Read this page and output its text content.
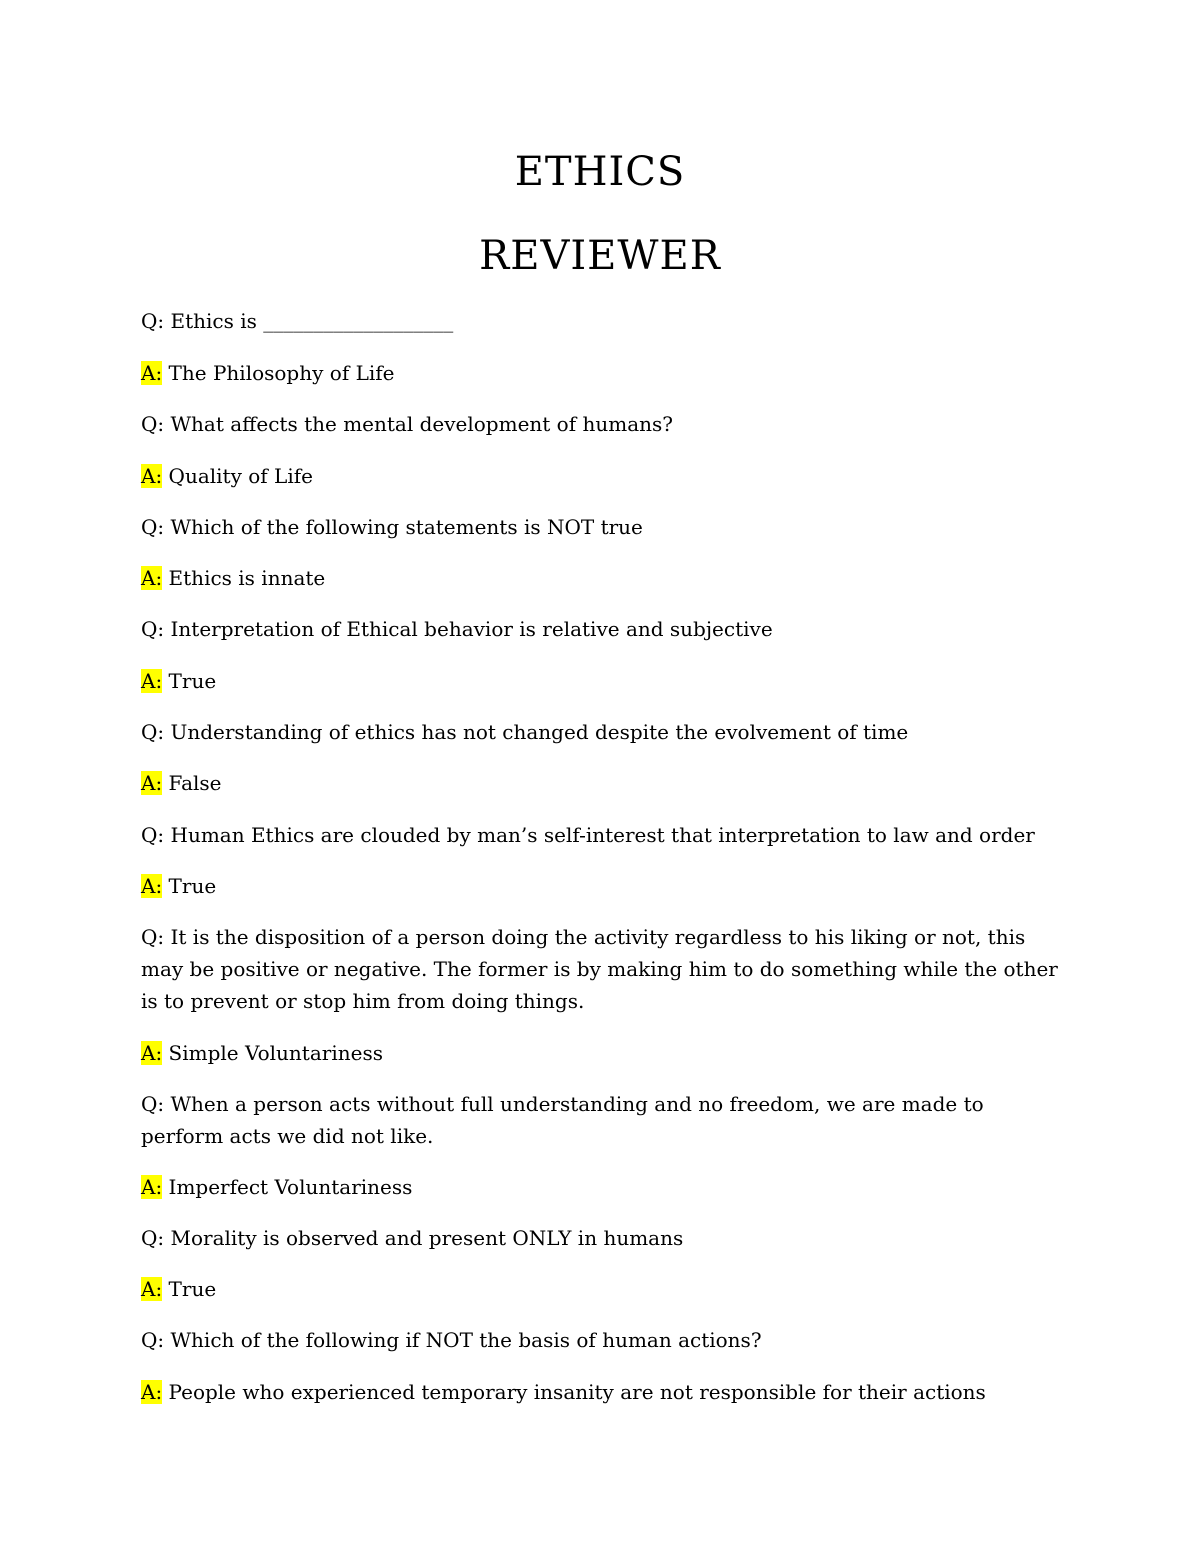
ETHICS
REVIEWER

Q: Ethics is ___________________

A: The Philosophy of Life

Q: What affects the mental development of humans?

A: Quality of Life

Q: Which of the following statements is NOT true

A: Ethics is innate

Q: Interpretation of Ethical behavior is relative and subjective

A: True

Q: Understanding of ethics has not changed despite the evolvement of time

A: False

Q: Human Ethics are clouded by man’s self-interest that interpretation to law and order

A: True

Q: It is the disposition of a person doing the activity regardless to his liking or not, this may be positive or negative. The former is by making him to do something while the other is to prevent or stop him from doing things.

A: Simple Voluntariness

Q: When a person acts without full understanding and no freedom, we are made to perform acts we did not like.

A: Imperfect Voluntariness

Q: Morality is observed and present ONLY in humans

A: True

Q: Which of the following if NOT the basis of human actions?

A: People who experienced temporary insanity are not responsible for their actions
